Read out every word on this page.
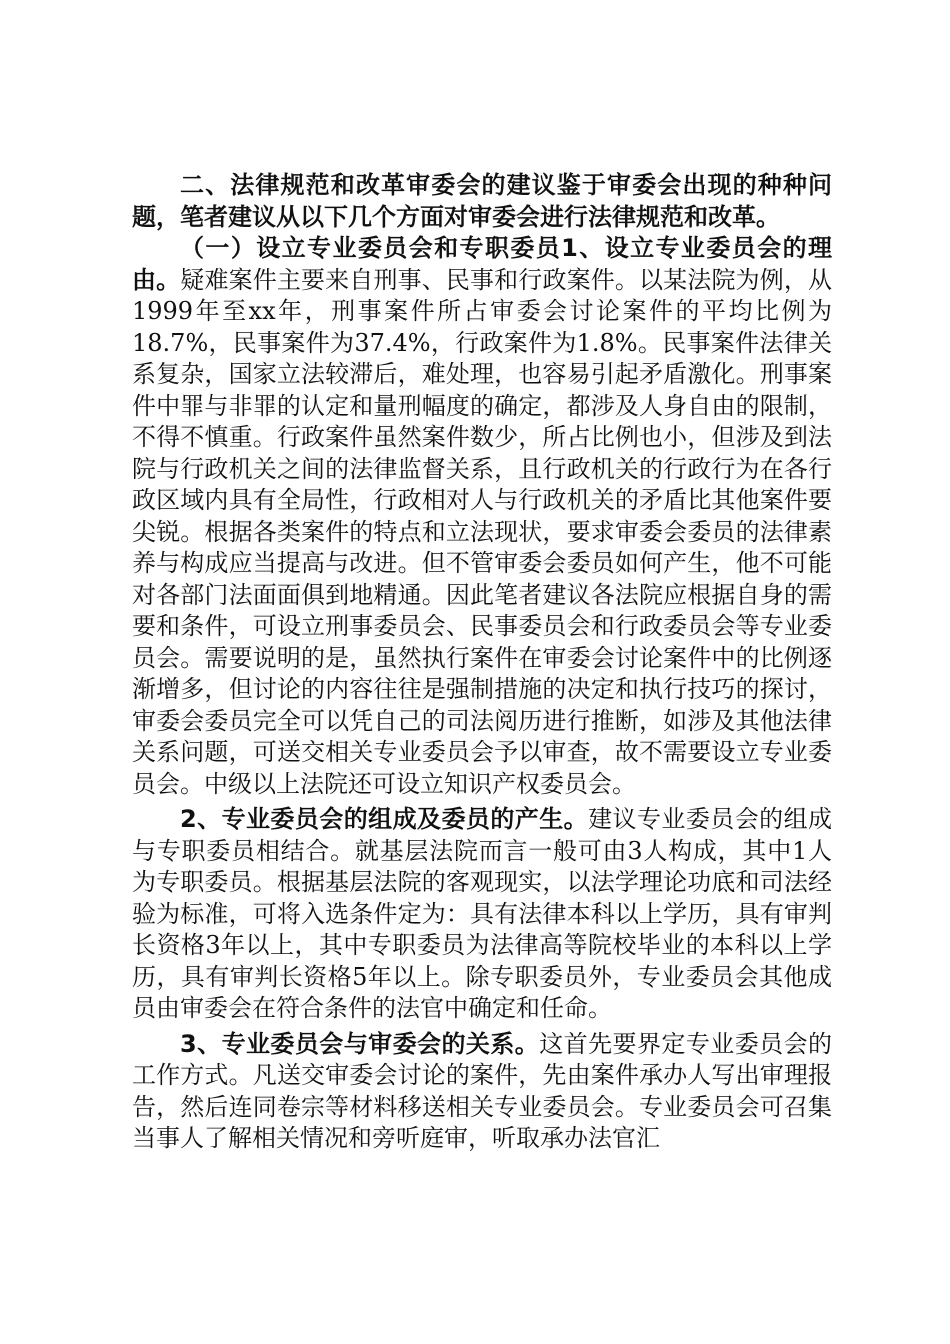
二、法律规范和改革审委会的建议鉴于审委会出现的种种问题，笔者建议从以下几个方面对审委会进行法律规范和改革。

（一）设立专业委员会和专职委员1、设立专业委员会的理由。疑难案件主要来自刑事、民事和行政案件。以某法院为例，从1999年至xx年，刑事案件所占审委会讨论案件的平均比例为18.7%，民事案件为37.4%，行政案件为1.8%。民事案件法律关系复杂，国家立法较滞后，难处理，也容易引起矛盾激化。刑事案件中罪与非罪的认定和量刑幅度的确定，都涉及人身自由的限制，不得不慎重。行政案件虽然案件数少，所占比例也小，但涉及到法院与行政机关之间的法律监督关系，且行政机关的行政行为在各行政区域内具有全局性，行政相对人与行政机关的矛盾比其他案件要尖锐。根据各类案件的特点和立法现状，要求审委会委员的法律素养与构成应当提高与改进。但不管审委会委员如何产生，他不可能对各部门法面面俱到地精通。因此笔者建议各法院应根据自身的需要和条件，可设立刑事委员会、民事委员会和行政委员会等专业委员会。需要说明的是，虽然执行案件在审委会讨论案件中的比例逐渐增多，但讨论的内容往往是强制措施的决定和执行技巧的探讨，审委会委员完全可以凭自己的司法阅历进行推断，如涉及其他法律关系问题，可送交相关专业委员会予以审查，故不需要设立专业委员会。中级以上法院还可设立知识产权委员会。

2、专业委员会的组成及委员的产生。建议专业委员会的组成与专职委员相结合。就基层法院而言一般可由3人构成，其中1人为专职委员。根据基层法院的客观现实，以法学理论功底和司法经验为标准，可将入选条件定为：具有法律本科以上学历，具有审判长资格3年以上，其中专职委员为法律高等院校毕业的本科以上学历，具有审判长资格5年以上。除专职委员外，专业委员会其他成员由审委会在符合条件的法官中确定和任命。

3、专业委员会与审委会的关系。这首先要界定专业委员会的工作方式。凡送交审委会讨论的案件，先由案件承办人写出审理报告，然后连同卷宗等材料移送相关专业委员会。专业委员会可召集当事人了解相关情况和旁听庭审，听取承办法官汇
